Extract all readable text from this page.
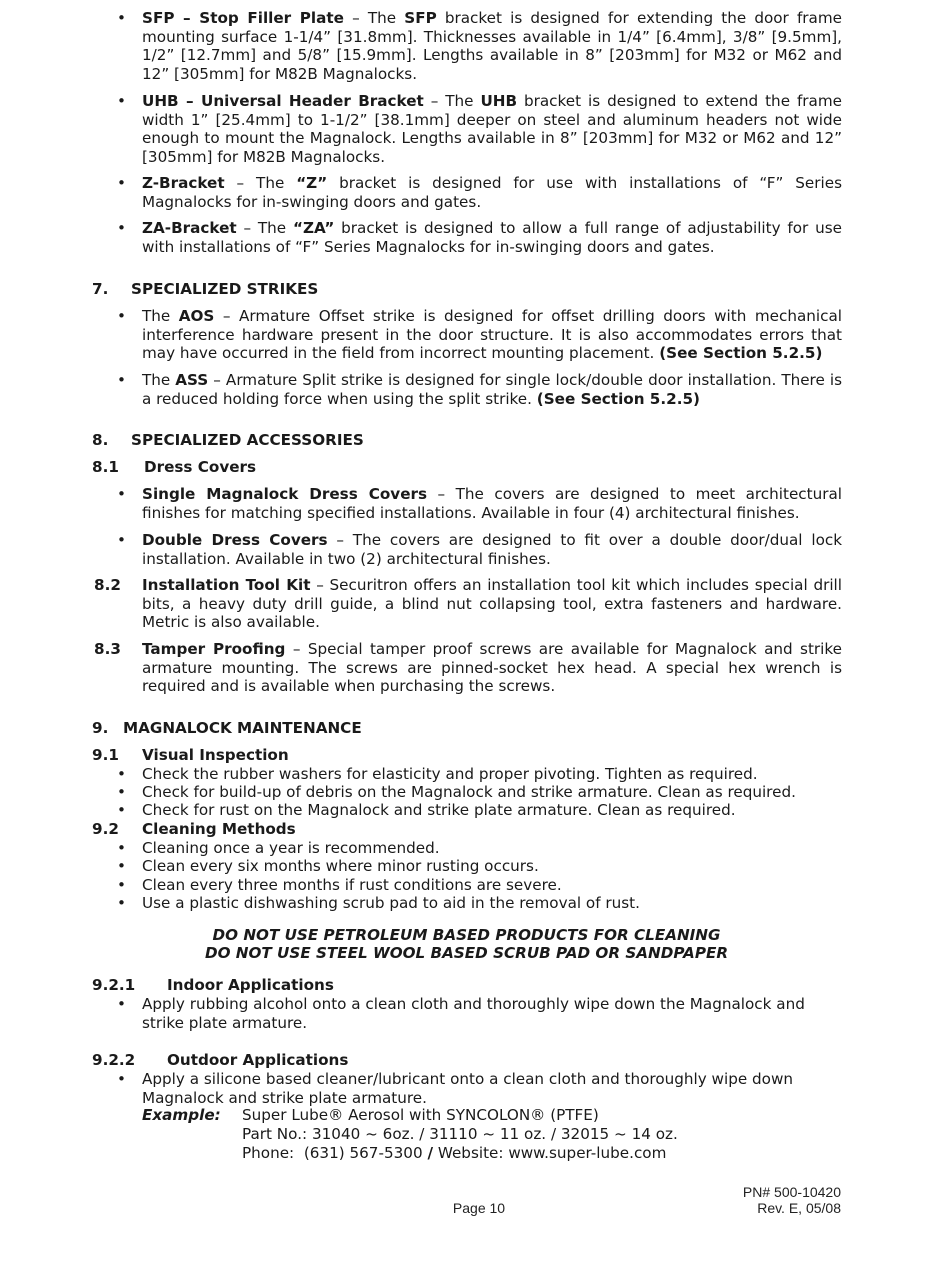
• SFP – Stop Filler Plate – The SFP bracket is designed for extending the door frame mounting surface 1-1/4” [31.8mm]. Thicknesses available in 1/4” [6.4mm], 3/8” [9.5mm], 1/2” [12.7mm] and 5/8” [15.9mm]. Lengths available in 8” [203mm] for M32 or M62 and 12” [305mm] for M82B Magnalocks.
• UHB – Universal Header Bracket – The UHB bracket is designed to extend the frame width 1” [25.4mm] to 1-1/2” [38.1mm] deeper on steel and aluminum headers not wide enough to mount the Magnalock. Lengths available in 8” [203mm] for M32 or M62 and 12” [305mm] for M82B Magnalocks.
• Z-Bracket – The “Z” bracket is designed for use with installations of “F” Series Magnalocks for in-swinging doors and gates.
• ZA-Bracket – The “ZA” bracket is designed to allow a full range of adjustability for use with installations of “F” Series Magnalocks for in-swinging doors and gates.
7. SPECIALIZED STRIKES
• The AOS – Armature Offset strike is designed for offset drilling doors with mechanical interference hardware present in the door structure. It is also accommodates errors that may have occurred in the field from incorrect mounting placement. (See Section 5.2.5)
• The ASS – Armature Split strike is designed for single lock/double door installation. There is a reduced holding force when using the split strike. (See Section 5.2.5)
8. SPECIALIZED ACCESSORIES
8.1 Dress Covers
• Single Magnalock Dress Covers – The covers are designed to meet architectural finishes for matching specified installations. Available in four (4) architectural finishes.
• Double Dress Covers – The covers are designed to fit over a double door/dual lock installation. Available in two (2) architectural finishes.
8.2 Installation Tool Kit – Securitron offers an installation tool kit which includes special drill bits, a heavy duty drill guide, a blind nut collapsing tool, extra fasteners and hardware. Metric is also available.
8.3 Tamper Proofing – Special tamper proof screws are available for Magnalock and strike armature mounting. The screws are pinned-socket hex head. A special hex wrench is required and is available when purchasing the screws.
9. MAGNALOCK MAINTENANCE
9.1 Visual Inspection
• Check the rubber washers for elasticity and proper pivoting. Tighten as required.
• Check for build-up of debris on the Magnalock and strike armature. Clean as required.
• Check for rust on the Magnalock and strike plate armature. Clean as required.
9.2 Cleaning Methods
• Cleaning once a year is recommended.
• Clean every six months where minor rusting occurs.
• Clean every three months if rust conditions are severe.
• Use a plastic dishwashing scrub pad to aid in the removal of rust.
DO NOT USE PETROLEUM BASED PRODUCTS FOR CLEANING
DO NOT USE STEEL WOOL BASED SCRUB PAD OR SANDPAPER
9.2.1 Indoor Applications
• Apply rubbing alcohol onto a clean cloth and thoroughly wipe down the Magnalock and strike plate armature.
9.2.2 Outdoor Applications
• Apply a silicone based cleaner/lubricant onto a clean cloth and thoroughly wipe down Magnalock and strike plate armature.
Example: Super Lube® Aerosol with SYNCOLON® (PTFE)
Part No.: 31040 ~ 6oz. / 31110 ~ 11 oz. / 32015 ~ 14 oz.
Phone:  (631) 567-5300 / Website: www.super-lube.com
Page 10
PN# 500-10420
Rev. E, 05/08
